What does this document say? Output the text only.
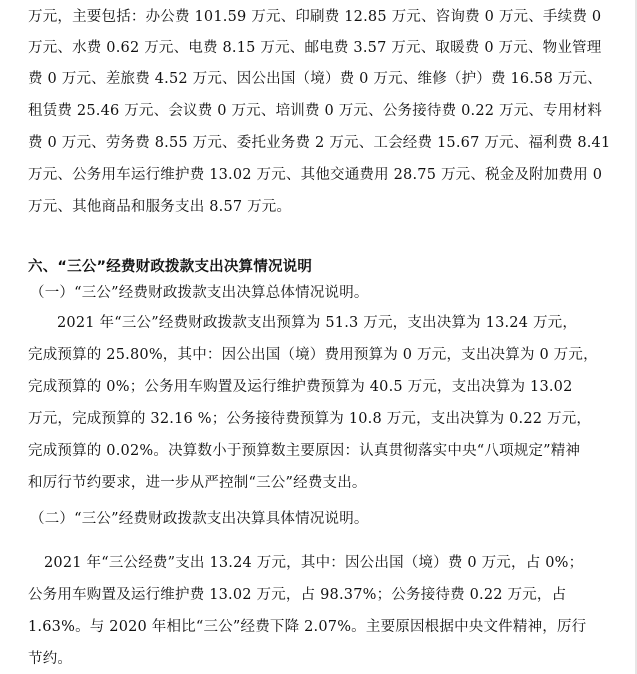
万元，主要包括：办公费 101.59 万元、印刷费 12.85 万元、咨询费 0 万元、手续费 0
万元、水费 0.62 万元、电费 8.15 万元、邮电费 3.57 万元、取暖费 0 万元、物业管理
费 0 万元、差旅费 4.52 万元、因公出国（境）费 0 万元、维修（护）费 16.58 万元、
租赁费 25.46 万元、会议费 0 万元、培训费 0 万元、公务接待费 0.22 万元、专用材料
费 0 万元、劳务费 8.55 万元、委托业务费 2 万元、工会经费 15.67 万元、福利费 8.41
万元、公务用车运行维护费 13.02 万元、其他交通费用 28.75 万元、税金及附加费用 0
万元、其他商品和服务支出 8.57 万元。
六、“三公”经费财政拨款支出决算情况说明
（一）“三公”经费财政拨款支出决算总体情况说明。
2021 年“三公”经费财政拨款支出预算为 51.3 万元，支出决算为 13.24 万元，
完成预算的 25.80%，其中：因公出国（境）费用预算为 0 万元，支出决算为 0 万元，
完成预算的 0%；公务用车购置及运行维护费预算为 40.5 万元，支出决算为 13.02
万元，完成预算的 32.16 %；公务接待费预算为 10.8 万元，支出决算为 0.22 万元，
完成预算的 0.02%。决算数小于预算数主要原因：认真贯彻落实中央“八项规定”精神
和厉行节约要求，进一步从严控制“三公”经费支出。
（二）“三公”经费财政拨款支出决算具体情况说明。
2021 年“三公经费”支出 13.24 万元，其中：因公出国（境）费 0 万元，占 0%；
公务用车购置及运行维护费 13.02 万元，占 98.37%；公务接待费 0.22 万元，占
1.63%。与 2020 年相比“三公”经费下降 2.07%。主要原因根据中央文件精神，厉行
节约。
